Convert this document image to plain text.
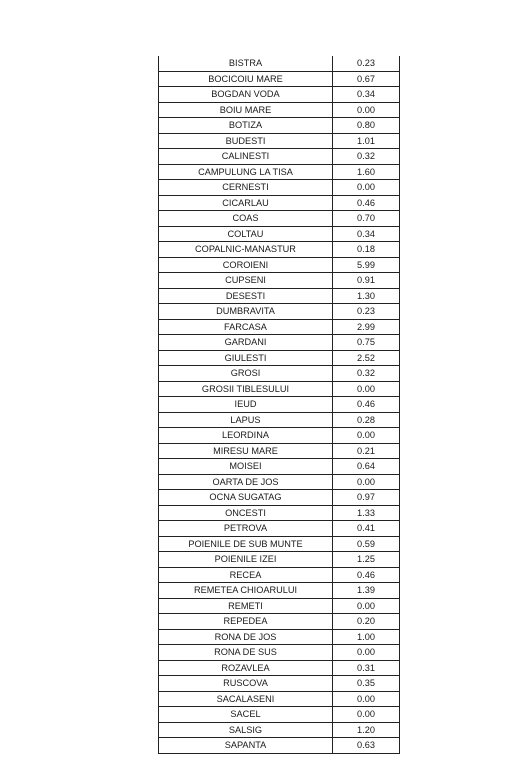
BISTRA	0.23
BOCICOIU MARE	0.67
BOGDAN VODA	0.34
BOIU MARE	0.00
BOTIZA	0.80
BUDESTI	1.01
CALINESTI	0.32
CAMPULUNG LA TISA	1.60
CERNESTI	0.00
CICARLAU	0.46
COAS	0.70
COLTAU	0.34
COPALNIC-MANASTUR	0.18
COROIENI	5.99
CUPSENI	0.91
DESESTI	1.30
DUMBRAVITA	0.23
FARCASA	2.99
GARDANI	0.75
GIULESTI	2.52
GROSI	0.32
GROSII TIBLESULUI	0.00
IEUD	0.46
LAPUS	0.28
LEORDINA	0.00
MIRESU MARE	0.21
MOISEI	0.64
OARTA DE JOS	0.00
OCNA SUGATAG	0.97
ONCESTI	1.33
PETROVA	0.41
POIENILE DE SUB MUNTE	0.59
POIENILE IZEI	1.25
RECEA	0.46
REMETEA CHIOARULUI	1.39
REMETI	0.00
REPEDEA	0.20
RONA DE JOS	1.00
RONA DE SUS	0.00
ROZAVLEA	0.31
RUSCOVA	0.35
SACALASENI	0.00
SACEL	0.00
SALSIG	1.20
SAPANTA	0.63
